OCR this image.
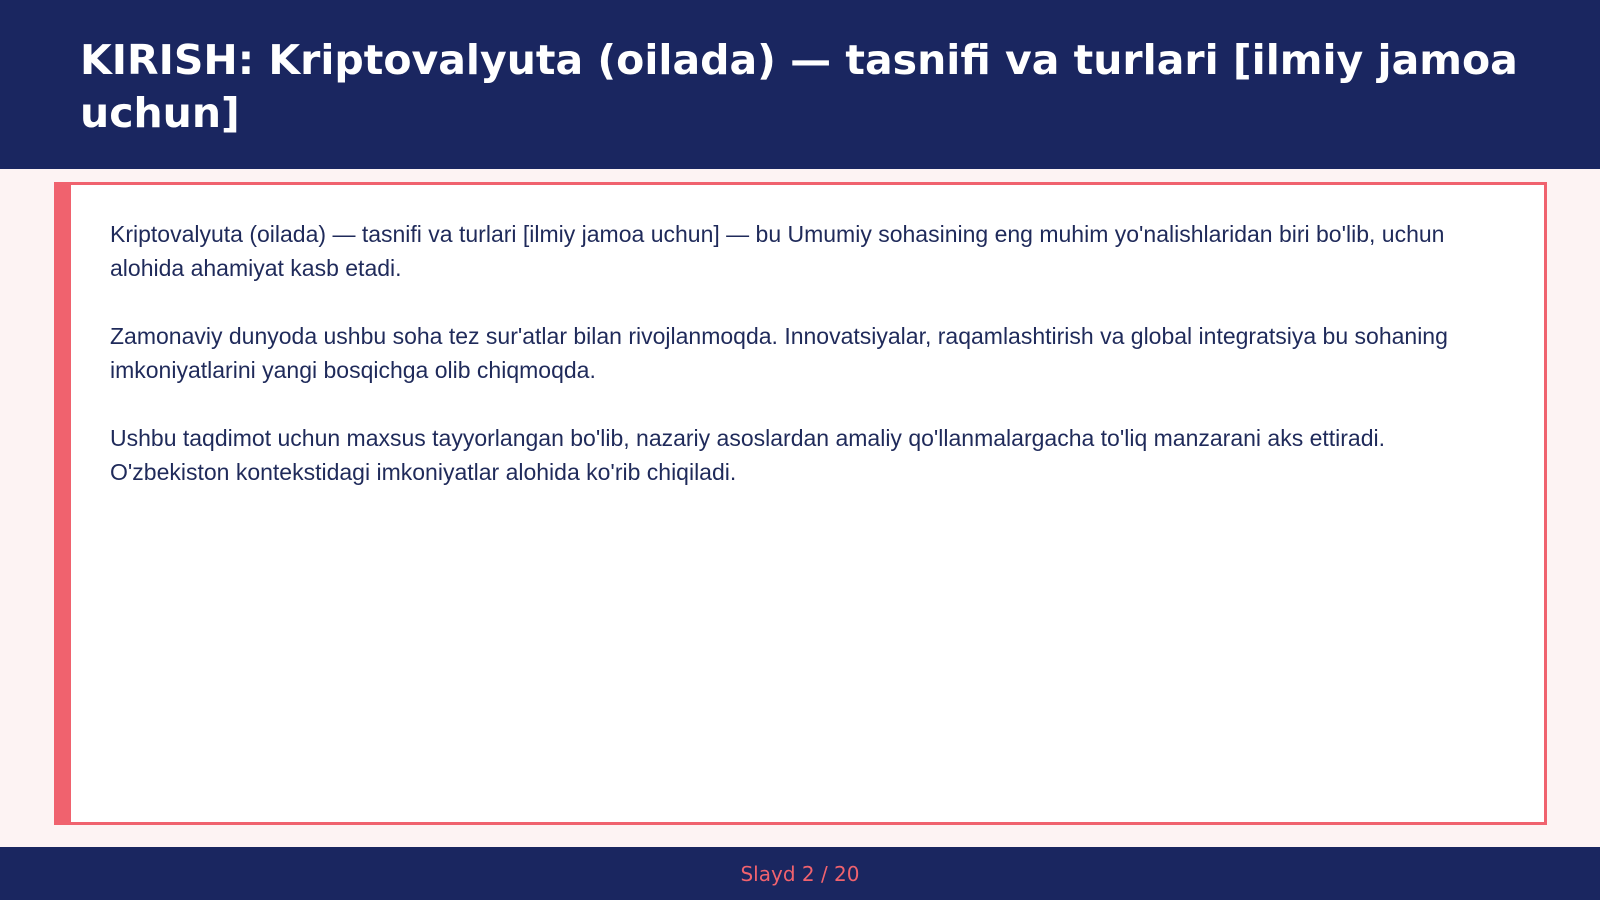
KIRISH: Kriptovalyuta (oilada) — tasnifi va turlari [ilmiy jamoa uchun]

Kriptovalyuta (oilada) — tasnifi va turlari [ilmiy jamoa uchun] — bu Umumiy sohasining eng muhim yo'nalishlaridan biri bo'lib, uchun alohida ahamiyat kasb etadi.

Zamonaviy dunyoda ushbu soha tez sur'atlar bilan rivojlanmoqda. Innovatsiyalar, raqamlashtirish va global integratsiya bu sohaning imkoniyatlarini yangi bosqichga olib chiqmoqda.

Ushbu taqdimot uchun maxsus tayyorlangan bo'lib, nazariy asoslardan amaliy qo'llanmalargacha to'liq manzarani aks ettiradi. O'zbekiston kontekstidagi imkoniyatlar alohida ko'rib chiqiladi.

Slayd 2 / 20
